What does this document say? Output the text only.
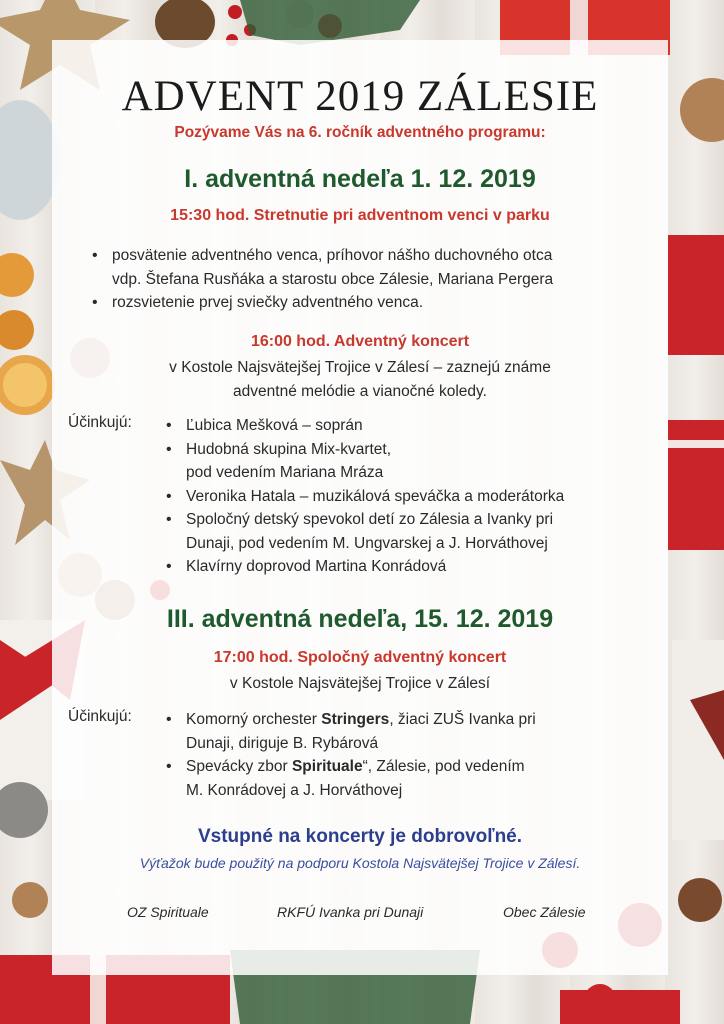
ADVENT 2019 ZÁLESIE
Pozývame Vás na 6. ročník adventného programu:
I. adventná nedeľa 1. 12. 2019
15:30 hod. Stretnutie pri adventnom venci v parku
• posvätenie adventného venca, príhovor nášho duchovného otca
vdp. Štefana Rusňáka a starostu obce Zálesie, Mariana Pergera
• rozsvietenie prvej sviečky adventného venca.
16:00 hod. Adventný koncert
v Kostole Najsvätejšej Trojice v Zálesí – zaznejú známe
adventné melódie a vianočné koledy.
Účinkujú:	• Ľubica Mešková – soprán
• Hudobná skupina Mix-kvartet,
pod vedením Mariana Mráza
• Veronika Hatala – muzikálová speváčka a moderátorka
• Spoločný detský spevokol detí zo Zálesia a Ivanky pri
Dunaji, pod vedením M. Ungvarskej a J. Horváthovej
• Klavírny doprovod Martina Konrádová
III. adventná nedeľa, 15. 12. 2019
17:00 hod. Spoločný adventný koncert
v Kostole Najsvätejšej Trojice v Zálesí
Účinkujú:	• Komorný orchester Stringers, žiaci ZUŠ Ivanka pri
Dunaji, diriguje B. Rybárová
• Spevácky zbor Spirituale“, Zálesie, pod vedením
M. Konrádovej a J. Horváthovej
Vstupné na koncerty je dobrovoľné.
Výťažok bude použitý na podporu Kostola Najsvätejšej Trojice v Zálesí.
OZ Spirituale	RKFÚ Ivanka pri Dunaji	Obec Zálesie
